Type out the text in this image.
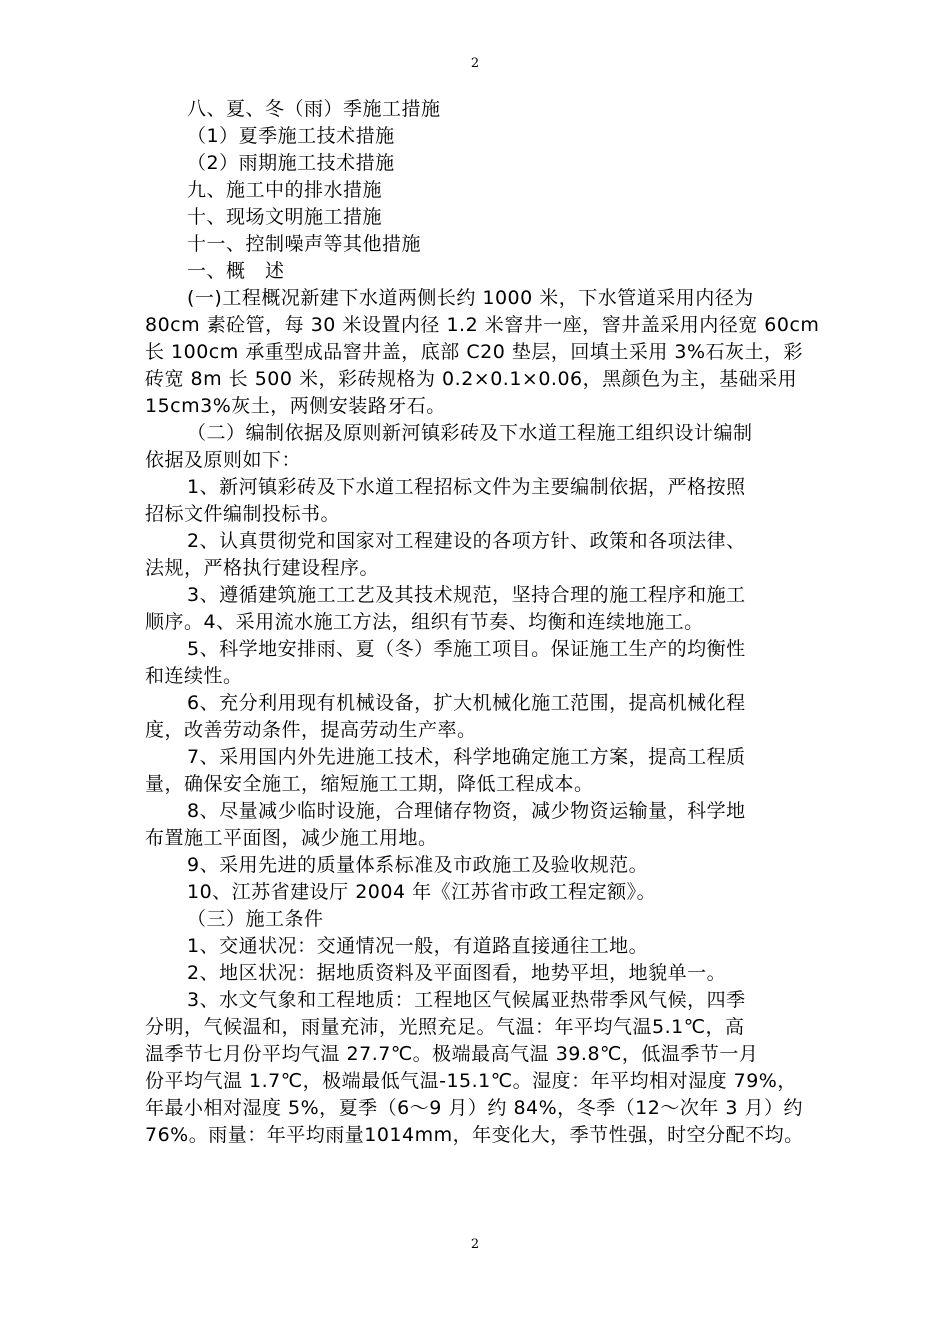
2
八、夏、冬（雨）季施工措施
（1）夏季施工技术措施
（2）雨期施工技术措施
九、施工中的排水措施
十、现场文明施工措施
十一、控制噪声等其他措施
一、概　述
(一)工程概况新建下水道两侧长约 1000 米，下水管道采用内径为
80cm 素砼管，每 30 米设置内径 1.2 米窨井一座，窨井盖采用内径宽 60cm
长 100cm 承重型成品窨井盖，底部 C20 垫层，回填土采用 3%石灰土，彩
砖宽 8m 长 500 米，彩砖规格为 0.2×0.1×0.06，黑颜色为主，基础采用
15cm3%灰土，两侧安装路牙石。
（二）编制依据及原则新河镇彩砖及下水道工程施工组织设计编制
依据及原则如下：
1、新河镇彩砖及下水道工程招标文件为主要编制依据，严格按照
招标文件编制投标书。
2、认真贯彻党和国家对工程建设的各项方针、政策和各项法律、
法规，严格执行建设程序。
3、遵循建筑施工工艺及其技术规范，坚持合理的施工程序和施工
顺序。4、采用流水施工方法，组织有节奏、均衡和连续地施工。
5、科学地安排雨、夏（冬）季施工项目。保证施工生产的均衡性
和连续性。
6、充分利用现有机械设备，扩大机械化施工范围，提高机械化程
度，改善劳动条件，提高劳动生产率。
7、采用国内外先进施工技术，科学地确定施工方案，提高工程质
量，确保安全施工，缩短施工工期，降低工程成本。
8、尽量减少临时设施，合理储存物资，减少物资运输量，科学地
布置施工平面图，减少施工用地。
9、采用先进的质量体系标准及市政施工及验收规范。
10、江苏省建设厅 2004 年《江苏省市政工程定额》。
（三）施工条件
1、交通状况：交通情况一般，有道路直接通往工地。
2、地区状况：据地质资料及平面图看，地势平坦，地貌单一。
3、水文气象和工程地质：工程地区气候属亚热带季风气候，四季
分明，气候温和，雨量充沛，光照充足。气温：年平均气温5.1℃，高
温季节七月份平均气温 27.7℃。极端最高气温 39.8℃，低温季节一月
份平均气温 1.7℃，极端最低气温-15.1℃。湿度：年平均相对湿度 79%，
年最小相对湿度 5%，夏季（6～9 月）约 84%，冬季（12～次年 3 月）约
76%。雨量：年平均雨量1014mm，年变化大，季节性强，时空分配不均。
2
